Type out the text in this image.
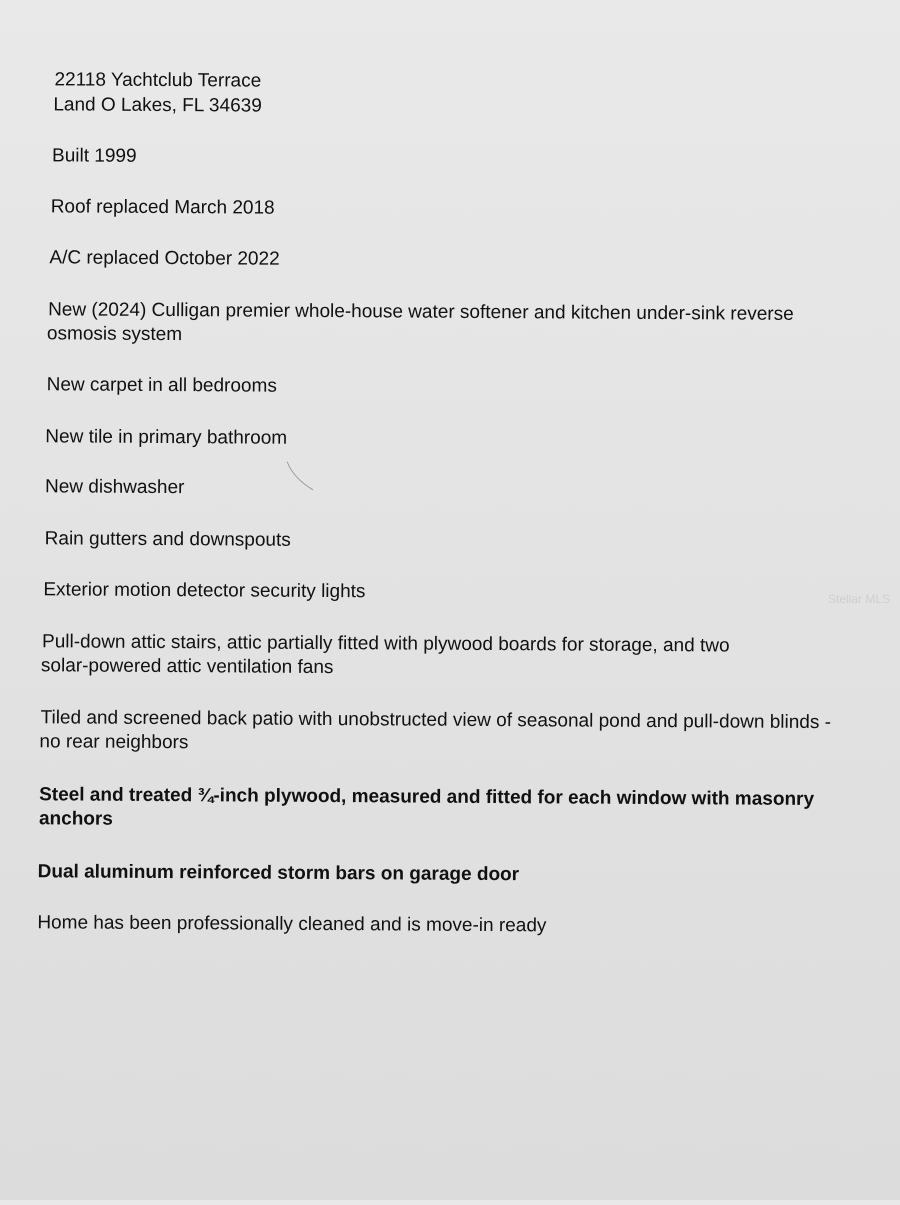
22118 Yachtclub Terrace

Land O Lakes, FL 34639

Built 1999

Roof replaced March 2018

A/C replaced October 2022

New (2024) Culligan premier whole-house water softener and kitchen under-sink reverse

osmosis system

New carpet in all bedrooms

New tile in primary bathroom

New dishwasher

Rain gutters and downspouts

Exterior motion detector security lights

Pull-down attic stairs, attic partially fitted with plywood boards for storage, and two

solar-powered attic ventilation fans

Tiled and screened back patio with unobstructed view of seasonal pond and pull-down blinds -

no rear neighbors

Steel and treated ¾-inch plywood, measured and fitted for each window with masonry

anchors

Dual aluminum reinforced storm bars on garage door

Home has been professionally cleaned and is move-in ready

Stellar MLS
